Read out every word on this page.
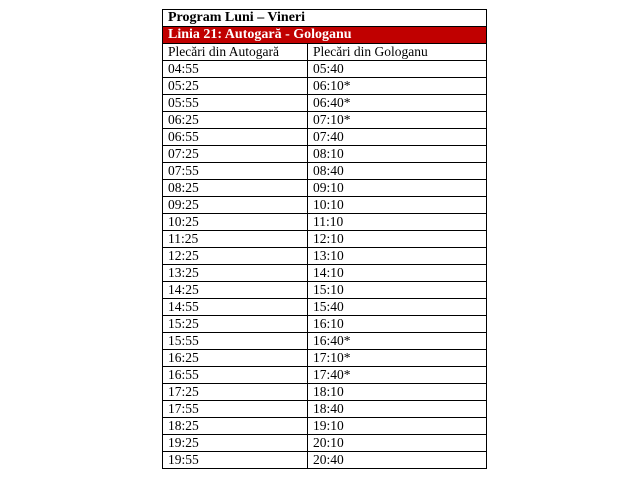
Program Luni – Vineri	
Linia 21: Autogară - Gologanu	
Plecări din Autogară	Plecări din Gologanu
04:55	05:40
05:25	06:10*
05:55	06:40*
06:25	07:10*
06:55	07:40
07:25	08:10
07:55	08:40
08:25	09:10
09:25	10:10
10:25	11:10
11:25	12:10
12:25	13:10
13:25	14:10
14:25	15:10
14:55	15:40
15:25	16:10
15:55	16:40*
16:25	17:10*
16:55	17:40*
17:25	18:10
17:55	18:40
18:25	19:10
19:25	20:10
19:55	20:40
